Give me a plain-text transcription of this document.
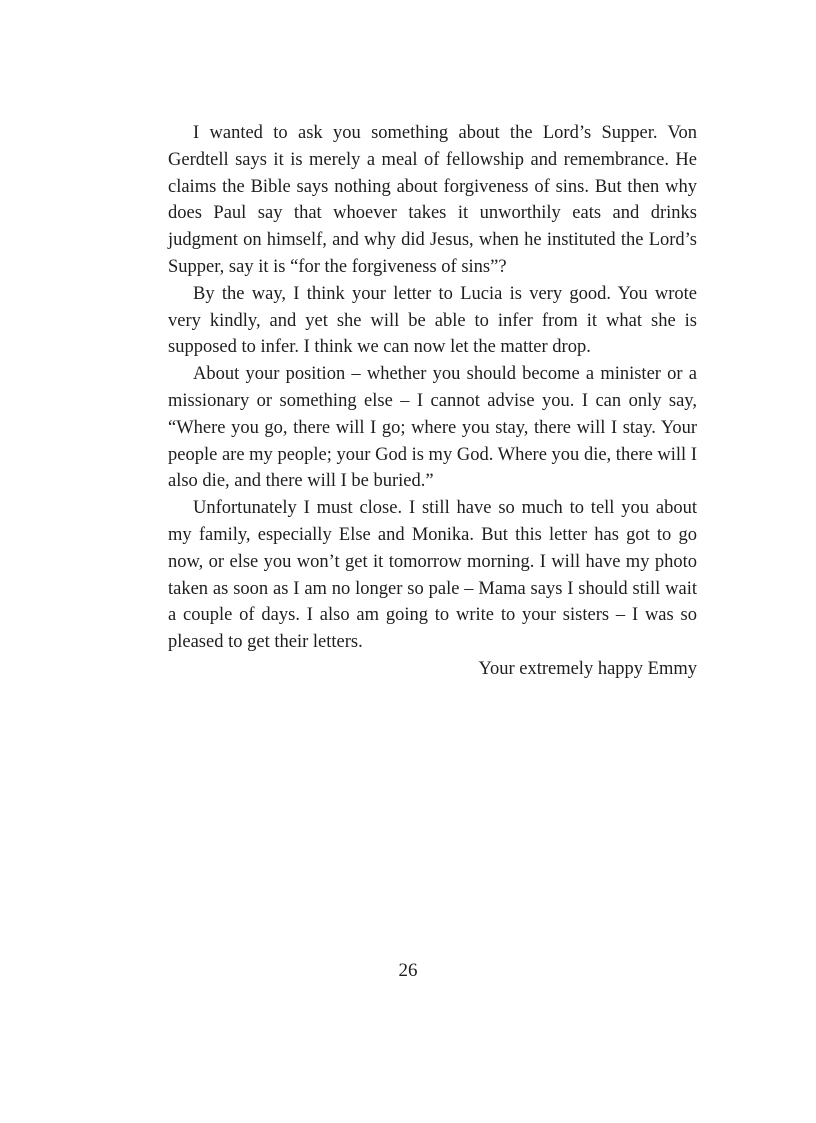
I wanted to ask you something about the Lord’s Supper. Von Gerdtell says it is merely a meal of fellowship and remembrance. He claims the Bible says nothing about forgiveness of sins. But then why does Paul say that whoever takes it unworthily eats and drinks judgment on himself, and why did Jesus, when he instituted the Lord’s Supper, say it is “for the forgiveness of sins”?

By the way, I think your letter to Lucia is very good. You wrote very kindly, and yet she will be able to infer from it what she is supposed to infer. I think we can now let the matter drop.

About your position – whether you should become a minister or a missionary or something else – I cannot advise you. I can only say, “Where you go, there will I go; where you stay, there will I stay. Your people are my people; your God is my God. Where you die, there will I also die, and there will I be buried.”

Unfortunately I must close. I still have so much to tell you about my family, especially Else and Monika. But this letter has got to go now, or else you won’t get it tomorrow morning. I will have my photo taken as soon as I am no longer so pale – Mama says I should still wait a couple of days. I also am going to write to your sisters – I was so pleased to get their letters.

Your extremely happy Emmy

26
